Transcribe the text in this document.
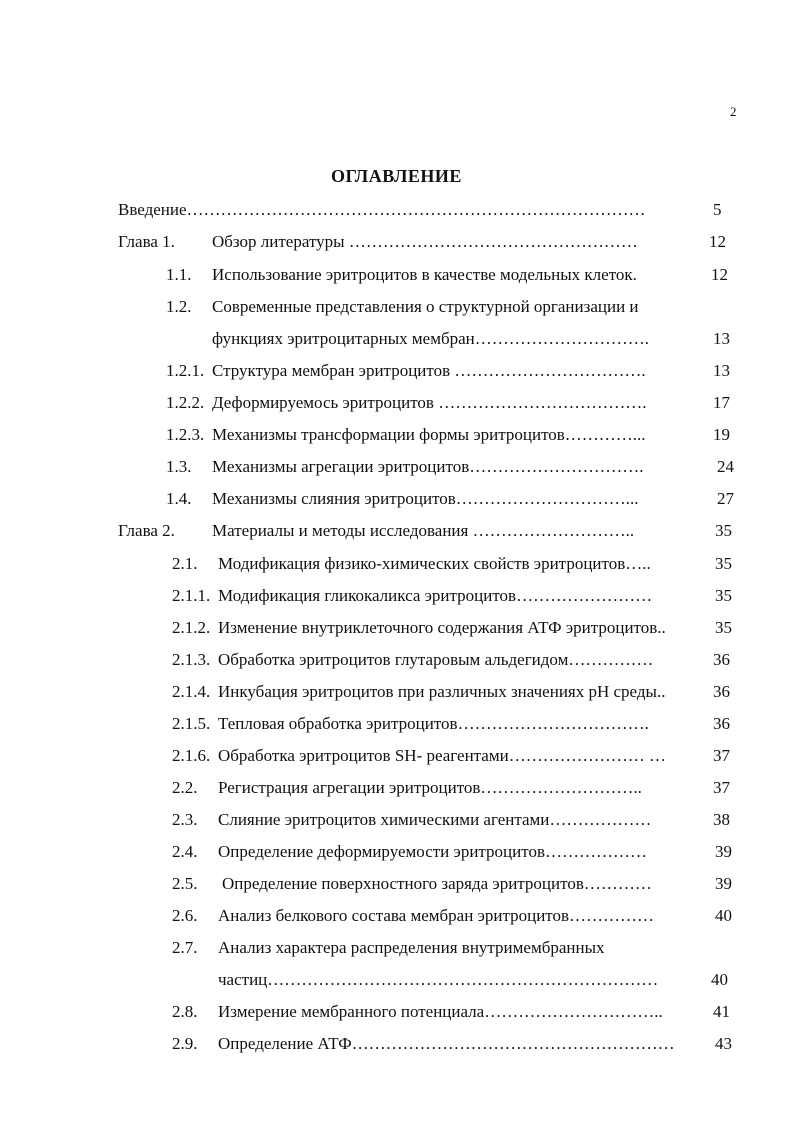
2
ОГЛАВЛЕНИЕ
Введение………………………………………………………………………	5
Глава 1. Обзор литературы ……………………………………………	12
1.1. Использование эритроцитов в качестве модельных клеток.	12
1.2. Современные представления о структурной организации и
функциях эритроцитарных мембран………………………….	13
1.2.1. Структура мембран эритроцитов …………………………….	13
1.2.2. Деформируемось эритроцитов ……………………………….	17
1.2.3. Механизмы трансформации формы эритроцитов…………...	19
1.3. Механизмы агрегации эритроцитов………………………….	24
1.4. Механизмы слияния эритроцитов…………………………...	27
Глава 2. Материалы и методы исследования ………………………..	35
2.1. Модификация физико-химических свойств эритроцитов…..	35
2.1.1. Модификация гликокаликса эритроцитов……………………	35
2.1.2. Изменение внутриклеточного содержания АТФ эритроцитов..	35
2.1.3. Обработка эритроцитов глутаровым альдегидом……………	36
2.1.4. Инкубация эритроцитов при различных значениях pH среды..	36
2.1.5. Тепловая обработка эритроцитов…………………………….	36
2.1.6. Обработка эритроцитов SH- реагентами…………………… …	37
2.2. Регистрация агрегации эритроцитов………………………..	37
2.3. Слияние эритроцитов химическими агентами………………	38
2.4. Определение деформируемости эритроцитов………………	39
2.5. Определение поверхностного заряда эритроцитов…………	39
2.6. Анализ белкового состава мембран эритроцитов……………	40
2.7. Анализ характера распределения внутримембранных
частиц……………………………………………………………	40
2.8. Измерение мембранного потенциала…………………………..	41
2.9. Определение АТФ………………………………………………… 43
